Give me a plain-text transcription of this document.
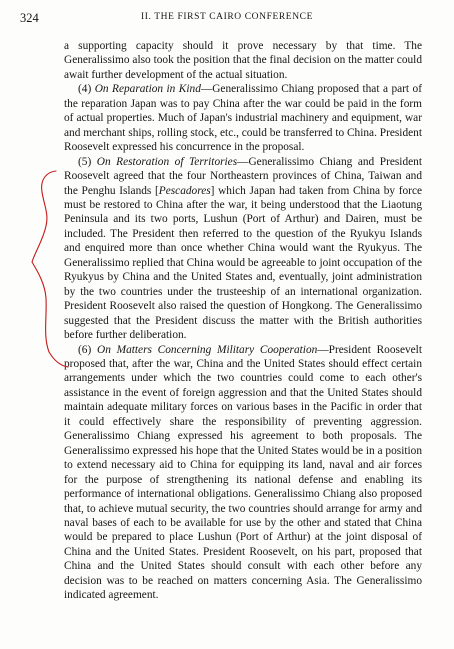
324	II. THE FIRST CAIRO CONFERENCE

a supporting capacity should it prove necessary by that time. The Generalissimo also took the position that the final decision on the matter could await further development of the actual situation.

(4) On Reparation in Kind—Generalissimo Chiang proposed that a part of the reparation Japan was to pay China after the war could be paid in the form of actual properties. Much of Japan's industrial machinery and equipment, war and merchant ships, rolling stock, etc., could be transferred to China. President Roosevelt expressed his concurrence in the proposal.

(5) On Restoration of Territories—Generalissimo Chiang and President Roosevelt agreed that the four Northeastern provinces of China, Taiwan and the Penghu Islands [Pescadores] which Japan had taken from China by force must be restored to China after the war, it being understood that the Liaotung Peninsula and its two ports, Lushun (Port of Arthur) and Dairen, must be included. The President then referred to the question of the Ryukyu Islands and enquired more than once whether China would want the Ryukyus. The Generalissimo replied that China would be agreeable to joint occupation of the Ryukyus by China and the United States and, eventually, joint administration by the two countries under the trusteeship of an international organization. President Roosevelt also raised the question of Hongkong. The Generalissimo suggested that the President discuss the matter with the British authorities before further deliberation.

(6) On Matters Concerning Military Cooperation—President Roosevelt proposed that, after the war, China and the United States should effect certain arrangements under which the two countries could come to each other's assistance in the event of foreign aggression and that the United States should maintain adequate military forces on various bases in the Pacific in order that it could effectively share the responsibility of preventing aggression. Generalissimo Chiang expressed his agreement to both proposals. The Generalissimo expressed his hope that the United States would be in a position to extend necessary aid to China for equipping its land, naval and air forces for the purpose of strengthening its national defense and enabling its performance of international obligations. Generalissimo Chiang also proposed that, to achieve mutual security, the two countries should arrange for army and naval bases of each to be available for use by the other and stated that China would be prepared to place Lushun (Port of Arthur) at the joint disposal of China and the United States. President Roosevelt, on his part, proposed that China and the United States should consult with each other before any decision was to be reached on matters concerning Asia. The Generalissimo indicated agreement.
